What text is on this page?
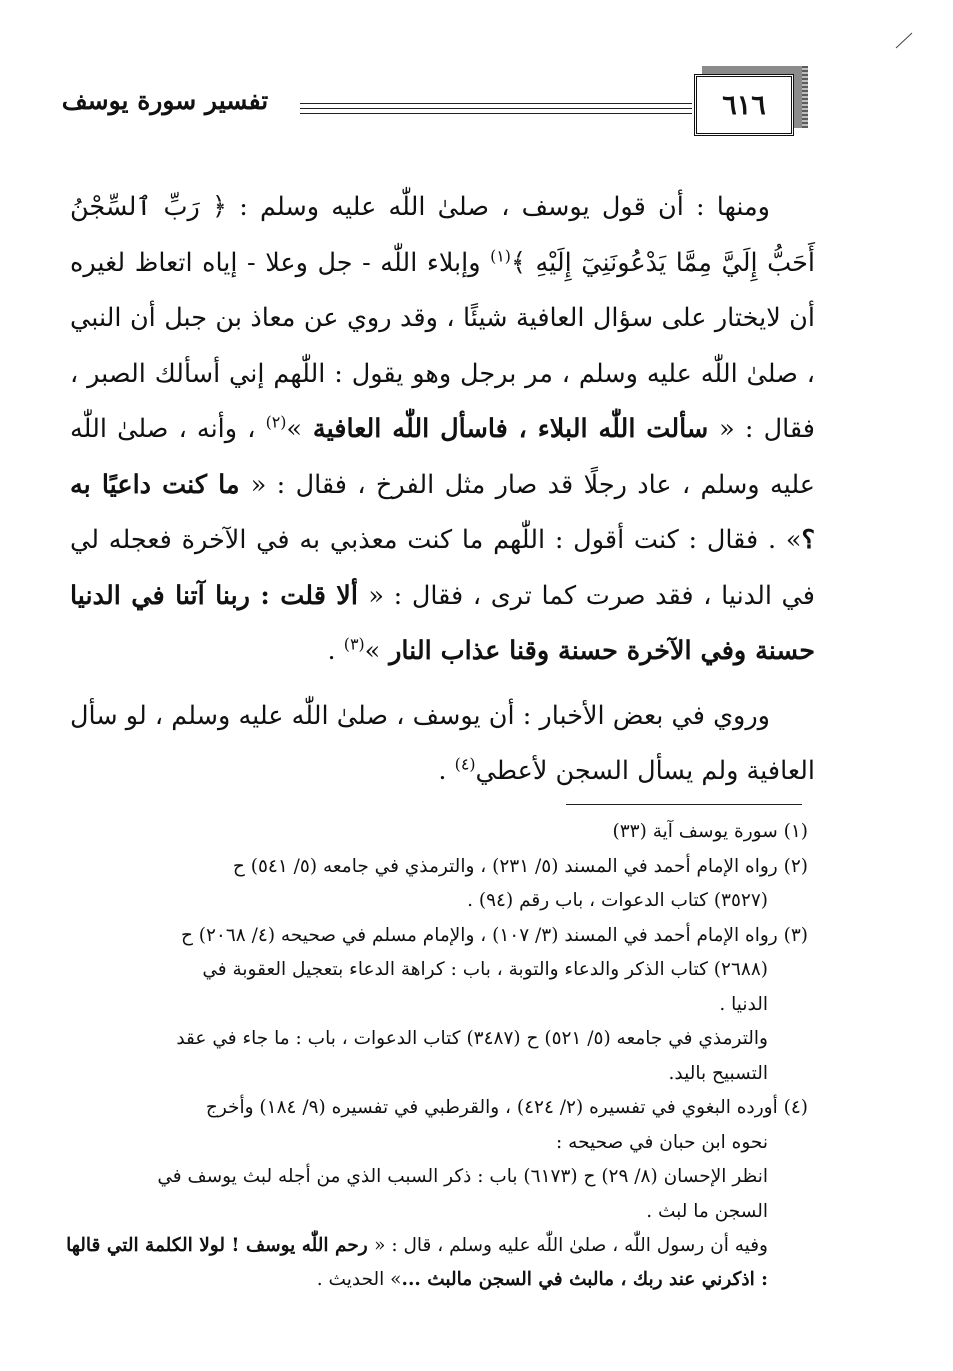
تفسير سورة يوسف	٦١٦

ومنها : أن قول يوسف ، صلىٰ اللّٰه عليه وسلم : ﴿ رَبِّ ٱلسِّجْنُ أَحَبُّ إِلَيَّ مِمَّا يَدْعُونَنِيٓ إِلَيْهِ ﴾$^{(١)}$ وإبلاء اللّٰه - جل وعلا - إياه اتعاظ لغيره أن لايختار على سؤال العافية شيئًا ، وقد روي عن معاذ بن جبل أن النبي ، صلىٰ اللّٰه عليه وسلم ، مر برجل وهو يقول : اللّٰهم إني أسألك الصبر ، فقال : « سألت اللّٰه البلاء ، فاسأل اللّٰه العافية »$^{(٢)}$ ، وأنه ، صلىٰ اللّٰه عليه وسلم ، عاد رجلًا قد صار مثل الفرخ ، فقال : « ما كنت داعيًا به ؟» . فقال : كنت أقول : اللّٰهم ما كنت معذبي به في الآخرة فعجله لي في الدنيا ، فقد صرت كما ترى ، فقال : « ألا قلت : ربنا آتنا في الدنيا حسنة وفي الآخرة حسنة وقنا عذاب النار »$^{(٣)}$ .

وروي في بعض الأخبار : أن يوسف ، صلىٰ اللّٰه عليه وسلم ، لو سأل العافية ولم يسأل السجن لأعطي$^{(٤)}$ .

(١) سورة يوسف آية (٣٣)
(٢) رواه الإمام أحمد في المسند (٥/ ٢٣١) ، والترمذي في جامعه (٥/ ٥٤١) ح
(٣٥٢٧) كتاب الدعوات ، باب رقم (٩٤) .
(٣) رواه الإمام أحمد في المسند (٣/ ١٠٧) ، والإمام مسلم في صحيحه (٤/ ٢٠٦٨) ح
(٢٦٨٨) كتاب الذكر والدعاء والتوبة ، باب : كراهة الدعاء بتعجيل العقوبة في
الدنيا .
والترمذي في جامعه (٥/ ٥٢١) ح (٣٤٨٧) كتاب الدعوات ، باب : ما جاء في عقد
التسبيح باليد.
(٤) أورده البغوي في تفسيره (٢/ ٤٢٤) ، والقرطبي في تفسيره (٩/ ١٨٤) وأخرج
نحوه ابن حبان في صحيحه :
انظر الإحسان (٨/ ٢٩) ح (٦١٧٣) باب : ذكر السبب الذي من أجله لبث يوسف في
السجن ما لبث .
وفيه أن رسول اللّٰه ، صلىٰ اللّٰه عليه وسلم ، قال : « رحم اللّٰه يوسف ! لولا الكلمة التي قالها : اذكرني عند ربك ، مالبث في السجن مالبث ...» الحديث .
